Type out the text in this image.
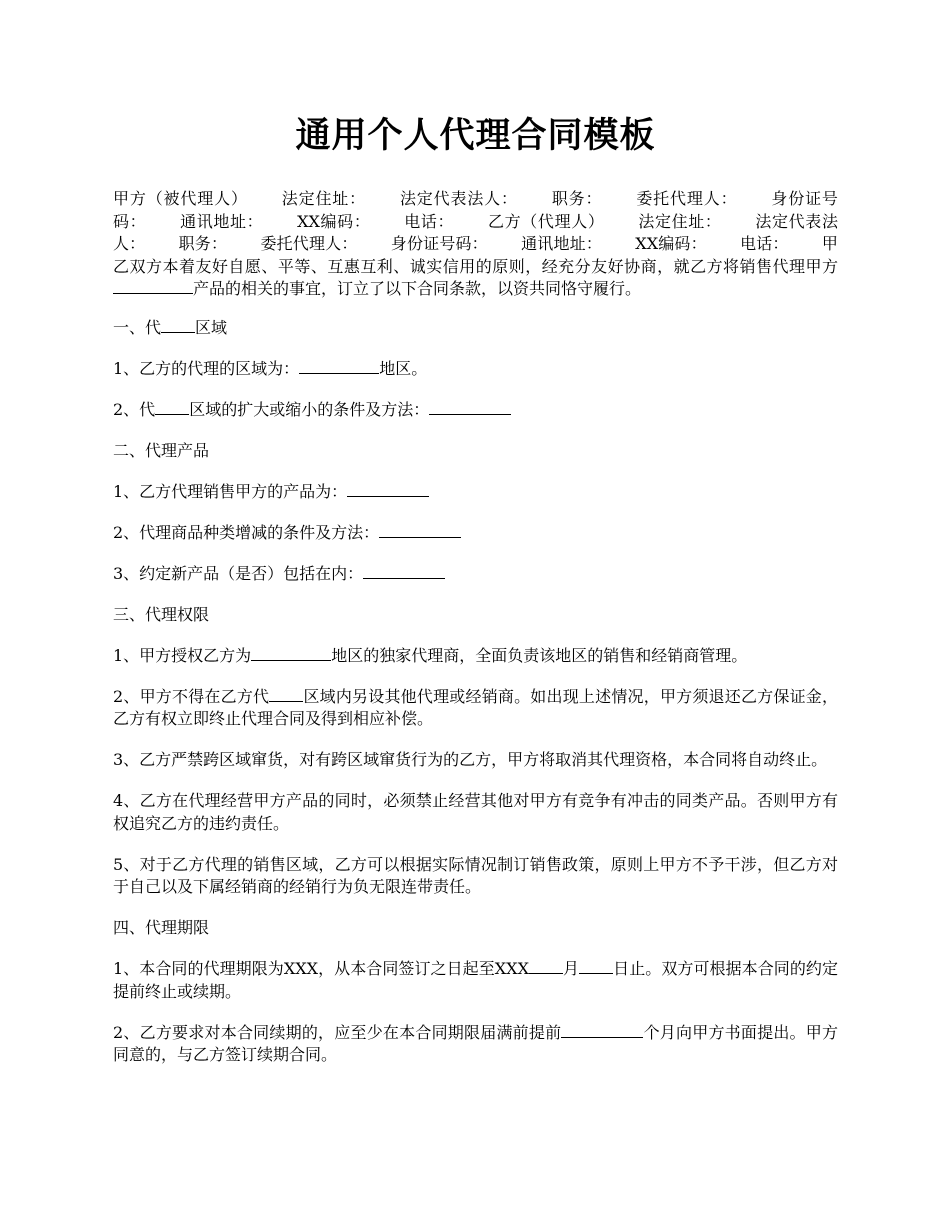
通用个人代理合同模板

甲方（被代理人） 法定住址： 法定代表法人： 职务： 委托代理人： 身份证号码： 通讯地址： XX编码： 电话： 乙方（代理人） 法定住址： 法定代表法人： 职务： 委托代理人： 身份证号码： 通讯地址： XX编码： 电话： 甲乙双方本着友好自愿、平等、互惠互利、诚实信用的原则，经充分友好协商，就乙方将销售代理甲方产品的相关的事宜，订立了以下合同条款，以资共同恪守履行。

一、代 区域

1、乙方的代理的区域为：	地区。

2、代 区域的扩大或缩小的条件及方法：

二、代理产品

1、乙方代理销售甲方的产品为：

2、代理商品种类增减的条件及方法：

3、约定新产品（是否）包括在内：

三、代理权限

1、甲方授权乙方为	地区的独家代理商，全面负责该地区的销售和经销商管理。

2、甲方不得在乙方代 区域内另设其他代理或经销商。如出现上述情况，甲方须退还乙方保证金，乙方有权立即终止代理合同及得到相应补偿。

3、乙方严禁跨区域窜货，对有跨区域窜货行为的乙方，甲方将取消其代理资格，本合同将自动终止。

4、乙方在代理经营甲方产品的同时，必须禁止经营其他对甲方有竞争有冲击的同类产品。否则甲方有权追究乙方的违约责任。

5、对于乙方代理的销售区域，乙方可以根据实际情况制订销售政策，原则上甲方不予干涉，但乙方对于自己以及下属经销商的经销行为负无限连带责任。

四、代理期限

1、本合同的代理期限为XXX，从本合同签订之日起至XXX 月 日止。双方可根据本合同的约定提前终止或续期。

2、乙方要求对本合同续期的，应至少在本合同期限届满前提前	个月向甲方书面提出。甲方同意的，与乙方签订续期合同。
